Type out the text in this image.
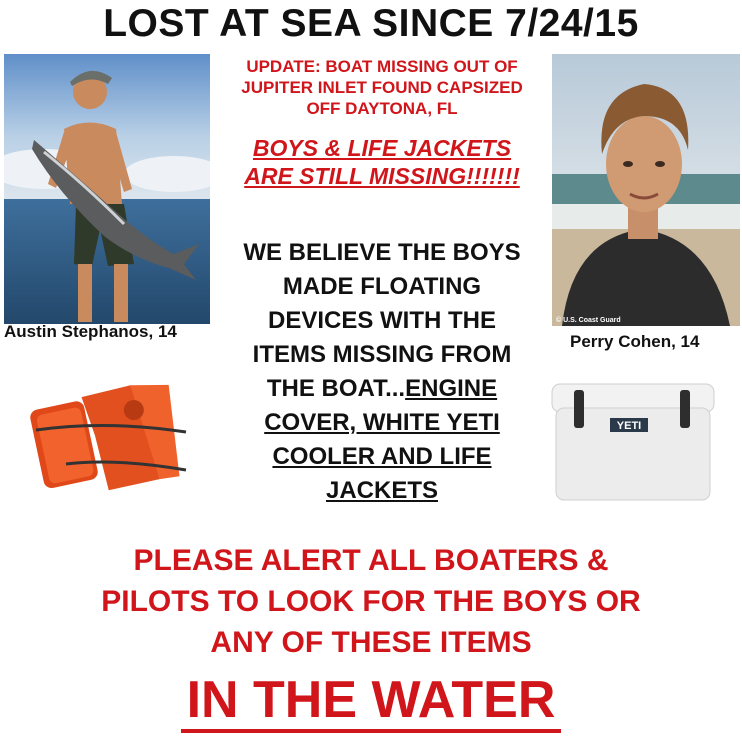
LOST AT SEA SINCE 7/24/15
Austin Stephanos, 14
© U.S. Coast Guard
Perry Cohen, 14
UPDATE: BOAT MISSING OUT OF
JUPITER INLET FOUND CAPSIZED
OFF DAYTONA, FL
BOYS & LIFE JACKETS
ARE STILL MISSING!!!!!!!
WE BELIEVE THE BOYS
MADE FLOATING
DEVICES WITH THE
ITEMS MISSING FROM
THE BOAT...ENGINE
COVER, WHITE YETI
COOLER AND LIFE
JACKETS
YETI
PLEASE ALERT ALL BOATERS &
PILOTS TO LOOK FOR THE BOYS OR
ANY OF THESE ITEMS
IN THE WATER
